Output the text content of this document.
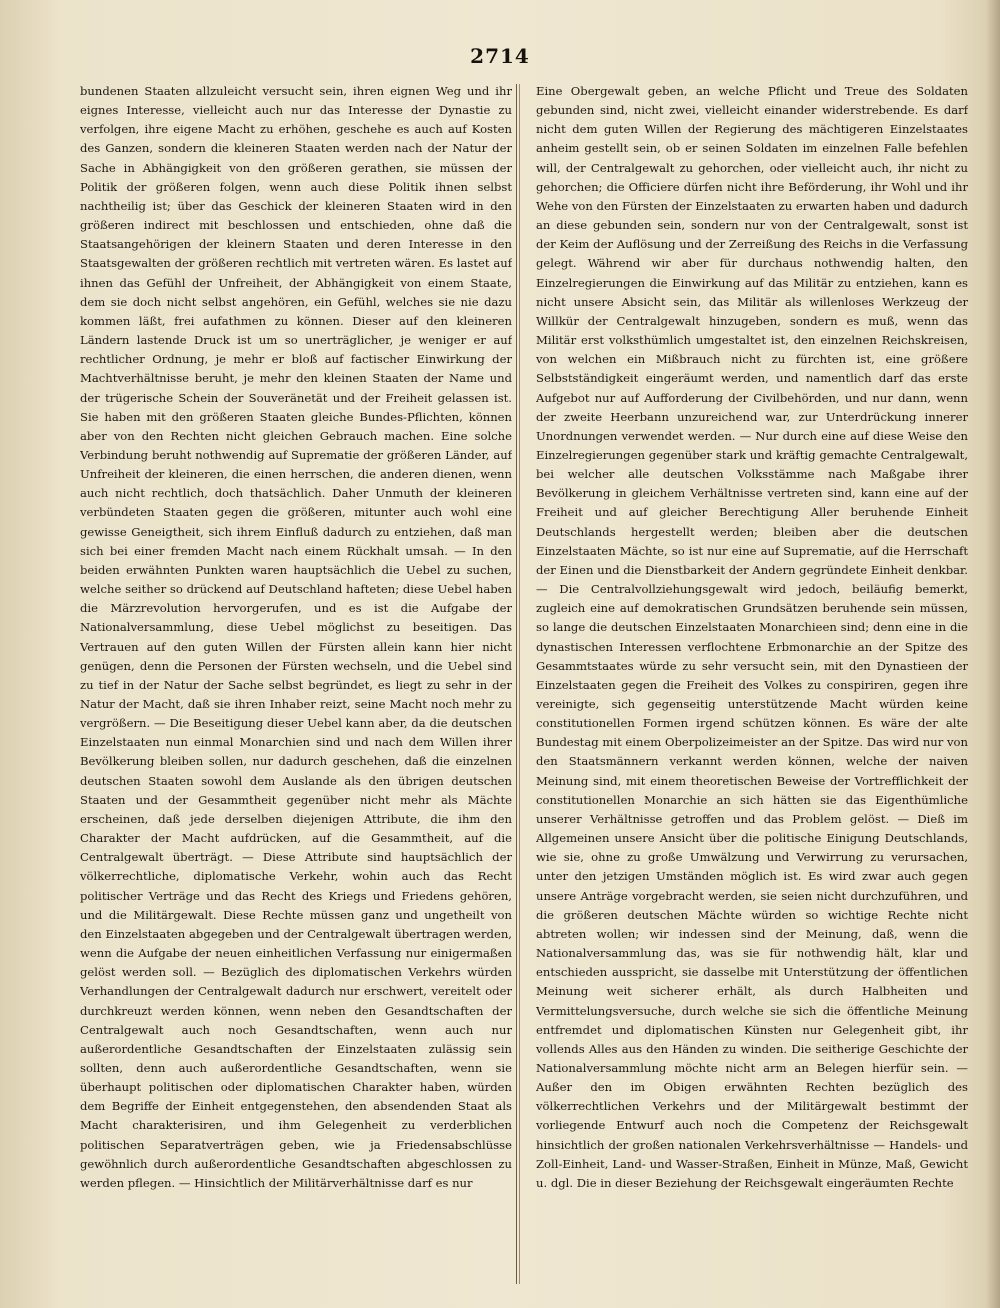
2714

bundenen Staaten allzuleicht versucht sein, ihren eignen Weg und ihr eignes Interesse, vielleicht auch nur das Interesse der Dynastie zu verfolgen, ihre eigene Macht zu erhöhen, geschehe es auch auf Kosten des Ganzen, sondern die kleineren Staaten werden nach der Natur der Sache in Abhängigkeit von den größeren gerathen, sie müssen der Politik der größeren folgen, wenn auch diese Politik ihnen selbst nachtheilig ist; über das Geschick der kleineren Staaten wird in den größeren indirect mit beschlossen und entschieden, ohne daß die Staatsangehörigen der kleinern Staaten und deren Interesse in den Staatsgewalten der größeren rechtlich mit vertreten wären. Es lastet auf ihnen das Gefühl der Unfreiheit, der Abhängigkeit von einem Staate, dem sie doch nicht selbst angehören, ein Gefühl, welches sie nie dazu kommen läßt, frei aufathmen zu können. Dieser auf den kleineren Ländern lastende Druck ist um so unerträglicher, je weniger er auf rechtlicher Ordnung, je mehr er bloß auf factischer Einwirkung der Machtverhältnisse beruht, je mehr den kleinen Staaten der Name und der trügerische Schein der Souveränetät und der Freiheit gelassen ist. Sie haben mit den größeren Staaten gleiche Bundes-Pflichten, können aber von den Rechten nicht gleichen Gebrauch machen. Eine solche Verbindung beruht nothwendig auf Suprematie der größeren Länder, auf Unfreiheit der kleineren, die einen herrschen, die anderen dienen, wenn auch nicht rechtlich, doch thatsächlich. Daher Unmuth der kleineren verbündeten Staaten gegen die größeren, mitunter auch wohl eine gewisse Geneigtheit, sich ihrem Einfluß dadurch zu entziehen, daß man sich bei einer fremden Macht nach einem Rückhalt umsah. — In den beiden erwähnten Punkten waren hauptsächlich die Uebel zu suchen, welche seither so drückend auf Deutschland hafteten; diese Uebel haben die Märzrevolution hervorgerufen, und es ist die Aufgabe der Nationalversammlung, diese Uebel möglichst zu beseitigen. Das Vertrauen auf den guten Willen der Fürsten allein kann hier nicht genügen, denn die Personen der Fürsten wechseln, und die Uebel sind zu tief in der Natur der Sache selbst begründet, es liegt zu sehr in der Natur der Macht, daß sie ihren Inhaber reizt, seine Macht noch mehr zu vergrößern. — Die Beseitigung dieser Uebel kann aber, da die deutschen Einzelstaaten nun einmal Monarchien sind und nach dem Willen ihrer Bevölkerung bleiben sollen, nur dadurch geschehen, daß die einzelnen deutschen Staaten sowohl dem Auslande als den übrigen deutschen Staaten und der Gesammtheit gegenüber nicht mehr als Mächte erscheinen, daß jede derselben diejenigen Attribute, die ihm den Charakter der Macht aufdrücken, auf die Gesammtheit, auf die Centralgewalt überträgt. — Diese Attribute sind hauptsächlich der völkerrechtliche, diplomatische Verkehr, wohin auch das Recht politischer Verträge und das Recht des Kriegs und Friedens gehören, und die Militärgewalt. Diese Rechte müssen ganz und ungetheilt von den Einzelstaaten abgegeben und der Centralgewalt übertragen werden, wenn die Aufgabe der neuen einheitlichen Verfassung nur einigermaßen gelöst werden soll. — Bezüglich des diplomatischen Verkehrs würden Verhandlungen der Centralgewalt dadurch nur erschwert, vereitelt oder durchkreuzt werden können, wenn neben den Gesandtschaften der Centralgewalt auch noch Gesandtschaften, wenn auch nur außerordentliche Gesandtschaften der Einzelstaaten zulässig sein sollten, denn auch außerordentliche Gesandtschaften, wenn sie überhaupt politischen oder diplomatischen Charakter haben, würden dem Begriffe der Einheit entgegenstehen, den absendenden Staat als Macht charakterisiren, und ihm Gelegenheit zu verderblichen politischen Separatverträgen geben, wie ja Friedensabschlüsse gewöhnlich durch außerordentliche Gesandtschaften abgeschlossen zu werden pflegen. — Hinsichtlich der Militärverhältnisse darf es nur

Eine Obergewalt geben, an welche Pflicht und Treue des Soldaten gebunden sind, nicht zwei, vielleicht einander widerstrebende. Es darf nicht dem guten Willen der Regierung des mächtigeren Einzelstaates anheim gestellt sein, ob er seinen Soldaten im einzelnen Falle befehlen will, der Centralgewalt zu gehorchen, oder vielleicht auch, ihr nicht zu gehorchen; die Officiere dürfen nicht ihre Beförderung, ihr Wohl und ihr Wehe von den Fürsten der Einzelstaaten zu erwarten haben und dadurch an diese gebunden sein, sondern nur von der Centralgewalt, sonst ist der Keim der Auflösung und der Zerreißung des Reichs in die Verfassung gelegt. Während wir aber für durchaus nothwendig halten, den Einzelregierungen die Einwirkung auf das Militär zu entziehen, kann es nicht unsere Absicht sein, das Militär als willenloses Werkzeug der Willkür der Centralgewalt hinzugeben, sondern es muß, wenn das Militär erst volksthümlich umgestaltet ist, den einzelnen Reichskreisen, von welchen ein Mißbrauch nicht zu fürchten ist, eine größere Selbstständigkeit eingeräumt werden, und namentlich darf das erste Aufgebot nur auf Aufforderung der Civilbehörden, und nur dann, wenn der zweite Heerbann unzureichend war, zur Unterdrückung innerer Unordnungen verwendet werden. — Nur durch eine auf diese Weise den Einzelregierungen gegenüber stark und kräftig gemachte Centralgewalt, bei welcher alle deutschen Volksstämme nach Maßgabe ihrer Bevölkerung in gleichem Verhältnisse vertreten sind, kann eine auf der Freiheit und auf gleicher Berechtigung Aller beruhende Einheit Deutschlands hergestellt werden; bleiben aber die deutschen Einzelstaaten Mächte, so ist nur eine auf Suprematie, auf die Herrschaft der Einen und die Dienstbarkeit der Andern gegründete Einheit denkbar. — Die Centralvollziehungsgewalt wird jedoch, beiläufig bemerkt, zugleich eine auf demokratischen Grundsätzen beruhende sein müssen, so lange die deutschen Einzelstaaten Monarchieen sind; denn eine in die dynastischen Interessen verflochtene Erbmonarchie an der Spitze des Gesammtstaates würde zu sehr versucht sein, mit den Dynastieen der Einzelstaaten gegen die Freiheit des Volkes zu conspiriren, gegen ihre vereinigte, sich gegenseitig unterstützende Macht würden keine constitutionellen Formen irgend schützen können. Es wäre der alte Bundestag mit einem Oberpolizeimeister an der Spitze. Das wird nur von den Staatsmännern verkannt werden können, welche der naiven Meinung sind, mit einem theoretischen Beweise der Vortrefflichkeit der constitutionellen Monarchie an sich hätten sie das Eigenthümliche unserer Verhältnisse getroffen und das Problem gelöst. — Dieß im Allgemeinen unsere Ansicht über die politische Einigung Deutschlands, wie sie, ohne zu große Umwälzung und Verwirrung zu verursachen, unter den jetzigen Umständen möglich ist. Es wird zwar auch gegen unsere Anträge vorgebracht werden, sie seien nicht durchzuführen, und die größeren deutschen Mächte würden so wichtige Rechte nicht abtreten wollen; wir indessen sind der Meinung, daß, wenn die Nationalversammlung das, was sie für nothwendig hält, klar und entschieden ausspricht, sie dasselbe mit Unterstützung der öffentlichen Meinung weit sicherer erhält, als durch Halbheiten und Vermittelungsversuche, durch welche sie sich die öffentliche Meinung entfremdet und diplomatischen Künsten nur Gelegenheit gibt, ihr vollends Alles aus den Händen zu winden. Die seitherige Geschichte der Nationalversammlung möchte nicht arm an Belegen hierfür sein. — Außer den im Obigen erwähnten Rechten bezüglich des völkerrechtlichen Verkehrs und der Militärgewalt bestimmt der vorliegende Entwurf auch noch die Competenz der Reichsgewalt hinsichtlich der großen nationalen Verkehrsverhältnisse — Handels- und Zoll-Einheit, Land- und Wasser-Straßen, Einheit in Münze, Maß, Gewicht u. dgl. Die in dieser Beziehung der Reichsgewalt eingeräumten Rechte
